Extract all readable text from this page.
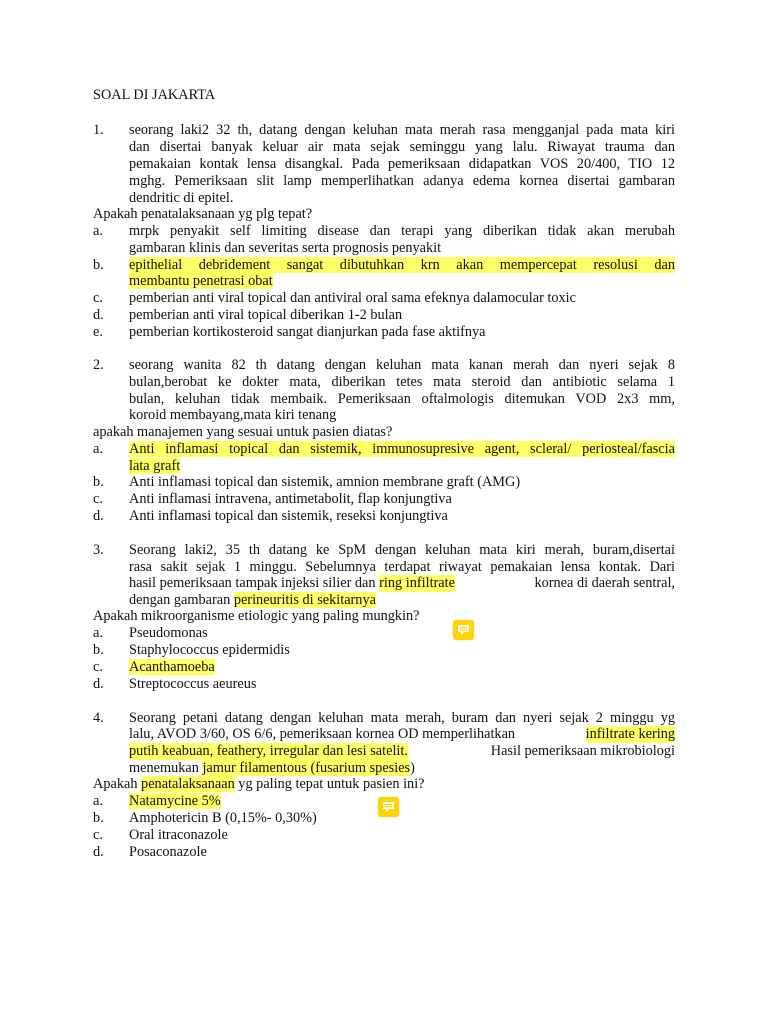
SOAL DI JAKARTA
1. seorang laki2 32 th, datang dengan keluhan mata merah rasa mengganjal pada mata kiri
dan disertai banyak keluar air mata sejak seminggu yang lalu. Riwayat trauma dan
pemakaian kontak lensa disangkal. Pada pemeriksaan didapatkan VOS 20/400, TIO 12
mghg. Pemeriksaan slit lamp memperlihatkan adanya edema kornea disertai gambaran
dendritic di epitel.
Apakah penatalaksanaan yg plg tepat?
a. mrpk penyakit self limiting disease dan terapi yang diberikan tidak akan merubah
gambaran klinis dan severitas serta prognosis penyakit
b. epithelial debridement sangat dibutuhkan krn akan mempercepat resolusi dan
membantu penetrasi obat
c. pemberian anti viral topical dan antiviral oral sama efeknya dalamocular toxic
d. pemberian anti viral topical diberikan 1-2 bulan
e. pemberian kortikosteroid sangat dianjurkan pada fase aktifnya
2. seorang wanita 82 th datang dengan keluhan mata kanan merah dan nyeri sejak 8
bulan,berobat ke dokter mata, diberikan tetes mata steroid dan antibiotic selama 1
bulan, keluhan tidak membaik. Pemeriksaan oftalmologis ditemukan VOD 2x3 mm,
koroid membayang,mata kiri tenang
apakah manajemen yang sesuai untuk pasien diatas?
a. Anti inflamasi topical dan sistemik, immunosupresive agent, scleral/ periosteal/fascia
lata graft
b. Anti inflamasi topical dan sistemik, amnion membrane graft (AMG)
c. Anti inflamasi intravena, antimetabolit, flap konjungtiva
d. Anti inflamasi topical dan sistemik, reseksi konjungtiva
3. Seorang laki2, 35 th datang ke SpM dengan keluhan mata kiri merah, buram,disertai
rasa sakit sejak 1 minggu. Sebelumnya terdapat riwayat pemakaian lensa kontak. Dari
hasil pemeriksaan tampak injeksi silier dan ring infiltrate	kornea di daerah sentral,
dengan gambaran perineuritis di sekitarnya
Apakah mikroorganisme etiologic yang paling mungkin?
a. Pseudomonas
b. Staphylococcus epidermidis
c. Acanthamoeba
d. Streptococcus aeureus
4. Seorang petani datang dengan keluhan mata merah, buram dan nyeri sejak 2 minggu yg
lalu, AVOD 3/60, OS 6/6, pemeriksaan kornea OD memperlihatkan	infiltrate kering
putih keabuan, feathery, irregular dan lesi satelit.	Hasil pemeriksaan mikrobiologi
menemukan jamur filamentous (fusarium spesies)
Apakah penatalaksanaan yg paling tepat untuk pasien ini?
a. Natamycine 5%
b. Amphotericin B (0,15%- 0,30%)
c. Oral itraconazole
d. Posaconazole
